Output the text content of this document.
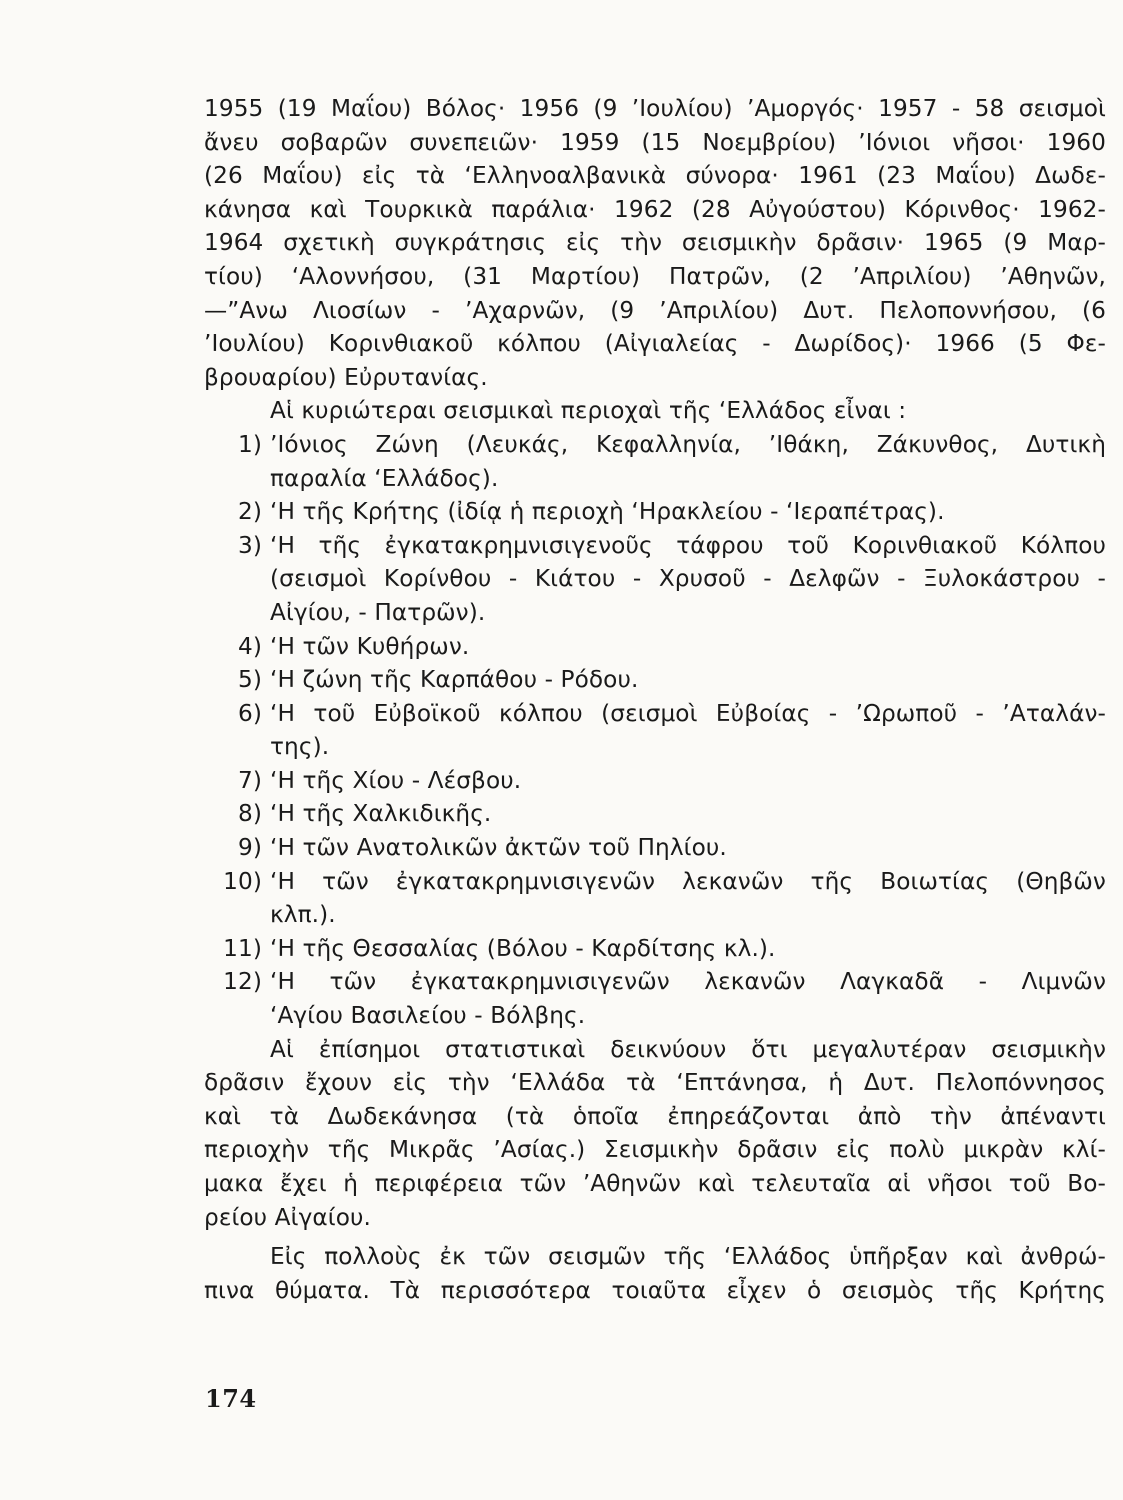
1955 (19 Μαΐου) Βόλος· 1956 (9 ’Ιουλίου) ’Αμοργός· 1957 - 58 σεισμοὶ
ἄνευ σοβαρῶν συνεπειῶν· 1959 (15 Νοεμβρίου) ’Ιόνιοι νῆσοι· 1960
(26 Μαΐου) εἰς τὰ ‘Ελληνοαλβανικὰ σύνορα· 1961 (23 Μαΐου) Δωδε-
κάνησα καὶ Τουρκικὰ παράλια· 1962 (28 Αὐγούστου) Κόρινθος· 1962-
1964 σχετικὴ συγκράτησις εἰς τὴν σεισμικὴν δρᾶσιν· 1965 (9 Μαρ-
τίου) ‘Αλοννήσου, (31 Μαρτίου) Πατρῶν, (2 ’Απριλίου) ’Αθηνῶν,
—”Ανω Λιοσίων - ’Αχαρνῶν, (9 ’Απριλίου) Δυτ. Πελοποννήσου, (6
’Ιουλίου) Κορινθιακοῦ κόλπου (Αἰγιαλείας - Δωρίδος)· 1966 (5 Φε-
βρουαρίου) Εὐρυτανίας.
Αἱ κυριώτεραι σεισμικαὶ περιοχαὶ τῆς ‘Ελλάδος εἶναι :
1) ’Ιόνιος Ζώνη (Λευκάς, Κεφαλληνία, ’Ιθάκη, Ζάκυνθος, Δυτικὴ
παραλία ‘Ελλάδος).
2) ‘Η τῆς Κρήτης (ἰδίᾳ ἡ περιοχὴ ‘Ηρακλείου - ‘Ιεραπέτρας).
3) ‘Η τῆς ἐγκατακρημνισιγενοῦς τάφρου τοῦ Κορινθιακοῦ Κόλπου
(σεισμοὶ Κορίνθου - Κιάτου - Χρυσοῦ - Δελφῶν - Ξυλοκάστρου -
Αἰγίου, - Πατρῶν).
4) ‘Η τῶν Κυθήρων.
5) ‘Η ζώνη τῆς Καρπάθου - Ρόδου.
6) ‘Η τοῦ Εὐβοϊκοῦ κόλπου (σεισμοὶ Εὐβοίας - ’Ωρωποῦ - ’Αταλάν-
της).
7) ‘Η τῆς Χίου - Λέσβου.
8) ‘Η τῆς Χαλκιδικῆς.
9) ‘Η τῶν Ανατολικῶν ἀκτῶν τοῦ Πηλίου.
10) ‘Η τῶν ἐγκατακρημνισιγενῶν λεκανῶν τῆς Βοιωτίας (Θηβῶν
κλπ.).
11) ‘Η τῆς Θεσσαλίας (Βόλου - Καρδίτσης κλ.).
12) ‘Η τῶν ἐγκατακρημνισιγενῶν λεκανῶν Λαγκαδᾶ - Λιμνῶν
‘Αγίου Βασιλείου - Βόλβης.
Αἱ ἐπίσημοι στατιστικαὶ δεικνύουν ὅτι μεγαλυτέραν σεισμικὴν
δρᾶσιν ἔχουν εἰς τὴν ‘Ελλάδα τὰ ‘Επτάνησα, ἡ Δυτ. Πελοπόννησος
καὶ τὰ Δωδεκάνησα (τὰ ὁποῖα ἐπηρεάζονται ἀπὸ τὴν ἀπέναντι
περιοχὴν τῆς Μικρᾶς ’Ασίας.) Σεισμικὴν δρᾶσιν εἰς πολὺ μικρὰν κλί-
μακα ἔχει ἡ περιφέρεια τῶν ’Αθηνῶν καὶ τελευταῖα αἱ νῆσοι τοῦ Βο-
ρείου Αἰγαίου.
Εἰς πολλοὺς ἐκ τῶν σεισμῶν τῆς ‘Ελλάδος ὑπῆρξαν καὶ ἀνθρώ-
πινα θύματα. Τὰ περισσότερα τοιαῦτα εἶχεν ὁ σεισμὸς τῆς Κρήτης
174
